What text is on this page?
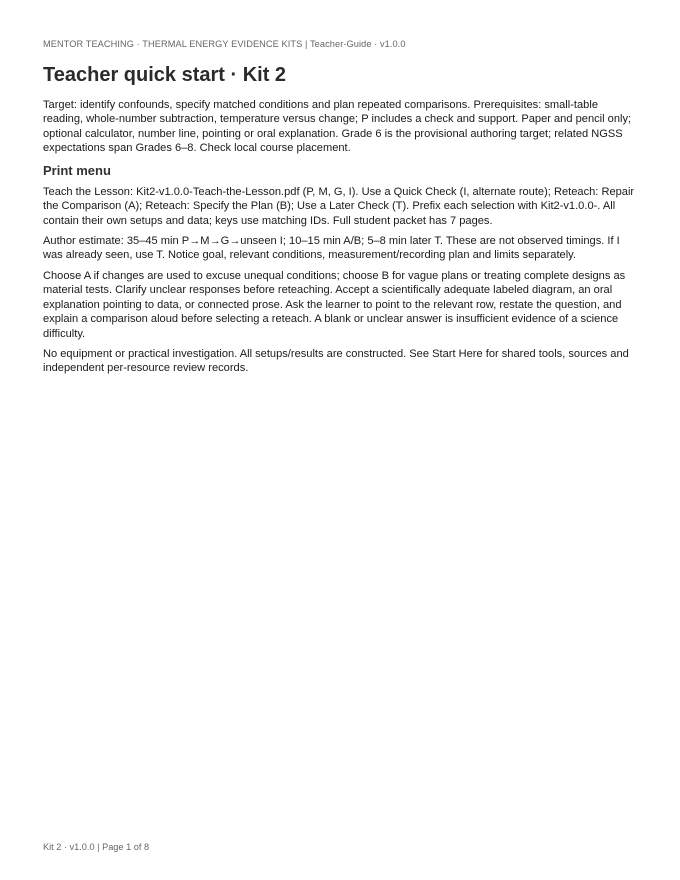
MENTOR TEACHING · THERMAL ENERGY EVIDENCE KITS | Teacher-Guide · v1.0.0
Teacher quick start · Kit 2

Target: identify confounds, specify matched conditions and plan repeated comparisons. Prerequisites: small-table reading, whole-number subtraction, temperature versus change; P includes a check and support. Paper and pencil only; optional calculator, number line, pointing or oral explanation. Grade 6 is the provisional authoring target; related NGSS expectations span Grades 6–8. Check local course placement.

Print menu

Teach the Lesson: Kit2-v1.0.0-Teach-the-Lesson.pdf (P, M, G, I). Use a Quick Check (I, alternate route); Reteach: Repair the Comparison (A); Reteach: Specify the Plan (B); Use a Later Check (T). Prefix each selection with Kit2-v1.0.0-. All contain their own setups and data; keys use matching IDs. Full student packet has 7 pages.

Author estimate: 35–45 min P→M→G→unseen I; 10–15 min A/B; 5–8 min later T. These are not observed timings. If I was already seen, use T. Notice goal, relevant conditions, measurement/recording plan and limits separately.

Choose A if changes are used to excuse unequal conditions; choose B for vague plans or treating complete designs as material tests. Clarify unclear responses before reteaching. Accept a scientifically adequate labeled diagram, an oral explanation pointing to data, or connected prose. Ask the learner to point to the relevant row, restate the question, and explain a comparison aloud before selecting a reteach. A blank or unclear answer is insufficient evidence of a science difficulty.

No equipment or practical investigation. All setups/results are constructed. See Start Here for shared tools, sources and independent per-resource review records.

Kit 2 · v1.0.0 | Page 1 of 8
